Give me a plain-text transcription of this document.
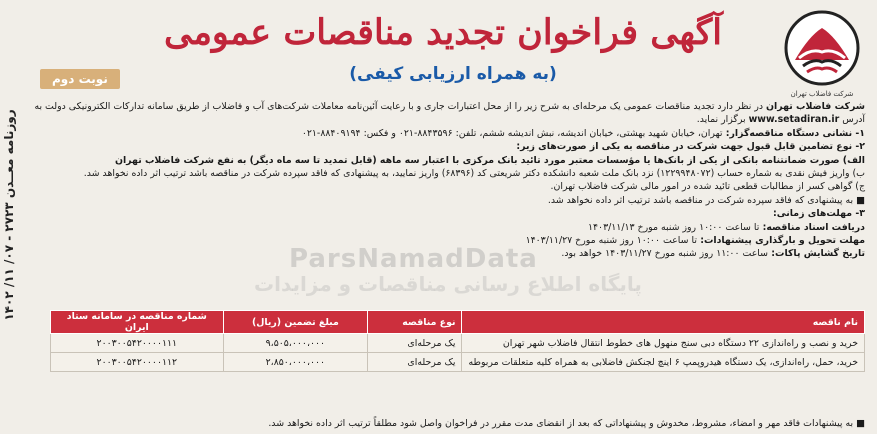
روزنامه مع‍‍ــدن ۲۷۲۳ - ۰۷/ ۱۱/ ۱۴۰۲
شرکت فاضلاب تهران
آگهی فراخوان تجدید مناقصات عمومی
(به همراه ارزیابی کیفی)
نوبت دوم
شرکت فاضلاب تهران در نظر دارد تجدید مناقصات عمومی یک مرحله‌ای به شرح زیر را از محل اعتبارات جاری و با رعایت آئین‌نامه معاملات شرکت‌های آب و فاضلاب از طریق سامانه تدارکات الکترونیکی دولت به
آدرس www.setadiran.ir برگزار نماید.
۱- نشانی دستگاه مناقصه‌گزار: تهران، خیابان شهید بهشتی، خیابان اندیشه، نبش اندیشه ششم، تلفن: ۸۸۴۳۵۹۶-۰۲۱ و فکس: ۸۸۴۰۹۱۹۴-۰۲۱
۲- نوع تضامین قابل قبول جهت شرکت در مناقصه به یکی از صورت‌های زیر:
الف) صورت ضمانتنامه بانکی از یکی از بانک‌ها یا مؤسسات معتبر مورد تائید بانک مرکزی با اعتبار سه ماهه (قابل تمدید تا سه ماه دیگر) به نفع شرکت فاضلاب تهران
ب) واریز فیش نقدی به شماره حساب (۱۲۲۹۹۴۸۰۷۲) نزد بانک ملت شعبه دانشکده دکتر شریعتی کد (۶۸۳۹۶) واریز نمایید، به پیشنهادی که فاقد سپرده شرکت در مناقصه باشد ترتیب اثر داده نخواهد شد.
ج) گواهی کسر از مطالبات قطعی تائید شده در امور مالی شرکت فاضلاب تهران.
■ به پیشنهادی که فاقد سپرده شرکت در مناقصه باشد ترتیب اثر داده نخواهد شد.
۳- مهلت‌های زمانی:
دریافت اسناد مناقصه: تا ساعت ۱۰:۰۰ روز شنبه مورخ ۱۴۰۳/۱۱/۱۳
مهلت تحویل و بارگذاری پیشنهادات: تا ساعت ۱۰:۰۰ روز شنبه مورخ ۱۴۰۳/۱۱/۲۷
تاریخ گشایش پاکات: ساعت ۱۱:۰۰ روز شنبه مورخ ۱۴۰۳/۱۱/۲۷ خواهد بود.
ParsNamadData
پایگاه اطلاع رسانی مناقصات و مزایدات
نام ناقصه	نوع مناقصه	مبلغ تضمین (ریال)	شماره مناقصه در سامانه ستاد ایران
خرید و نصب و راه‌اندازی ۲۲ دستگاه دبی سنج منهول های خطوط انتقال فاضلاب شهر تهران	یک مرحله‌ای	۹،۵۰۵،۰۰۰،۰۰۰	۲۰۰۳۰۰۵۴۲۰۰۰۰۱۱۱
خرید، حمل، راه‌اندازی، یک دستگاه هیدروپمپ ۶ اینچ لجنکش فاضلابی به همراه کلیه متعلقات مربوطه	یک مرحله‌ای	۲،۸۵۰،۰۰۰،۰۰۰	۲۰۰۳۰۰۵۴۲۰۰۰۰۱۱۲
■ به پیشنهادات فاقد مهر و امضاء، مشروط، مخدوش و پیشنهاداتی که بعد از انقضای مدت مقرر در فراخوان واصل شود مطلقاً ترتیب اثر داده نخواهد شد.
